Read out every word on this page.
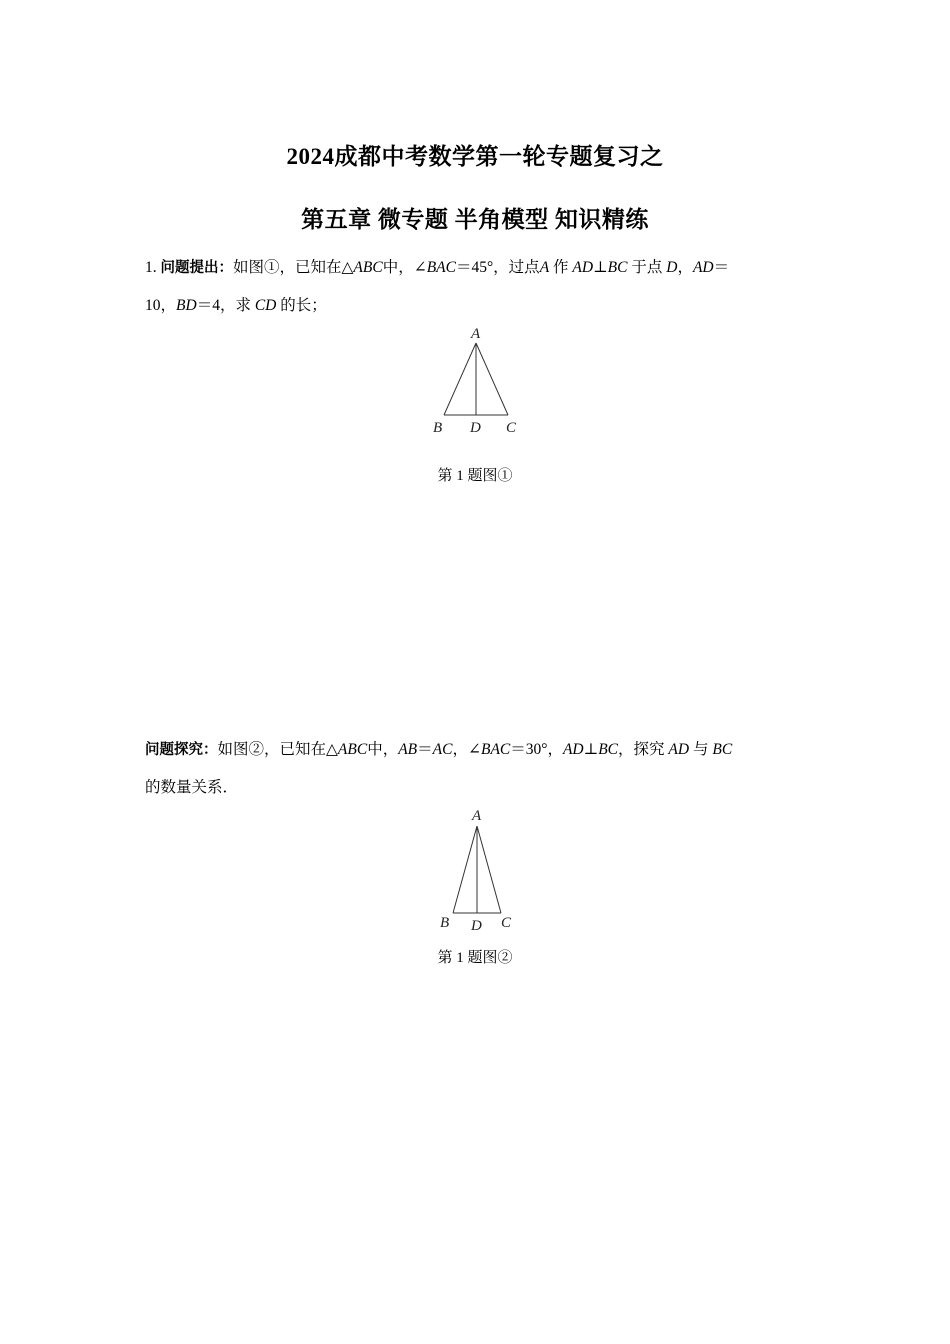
2024成都中考数学第一轮专题复习之
第五章 微专题 半角模型 知识精练
1. 问题提出：如图①，已知在△ABC中，∠BAC＝45°，过点A 作 AD⊥BC 于点 D，AD＝
10，BD＝4，求 CD 的长；
A
B D C
第 1 题图①
问题探究：如图②，已知在△ABC中，AB＝AC，∠BAC＝30°，AD⊥BC，探究 AD 与 BC
的数量关系．
A
B D C
第 1 题图②
